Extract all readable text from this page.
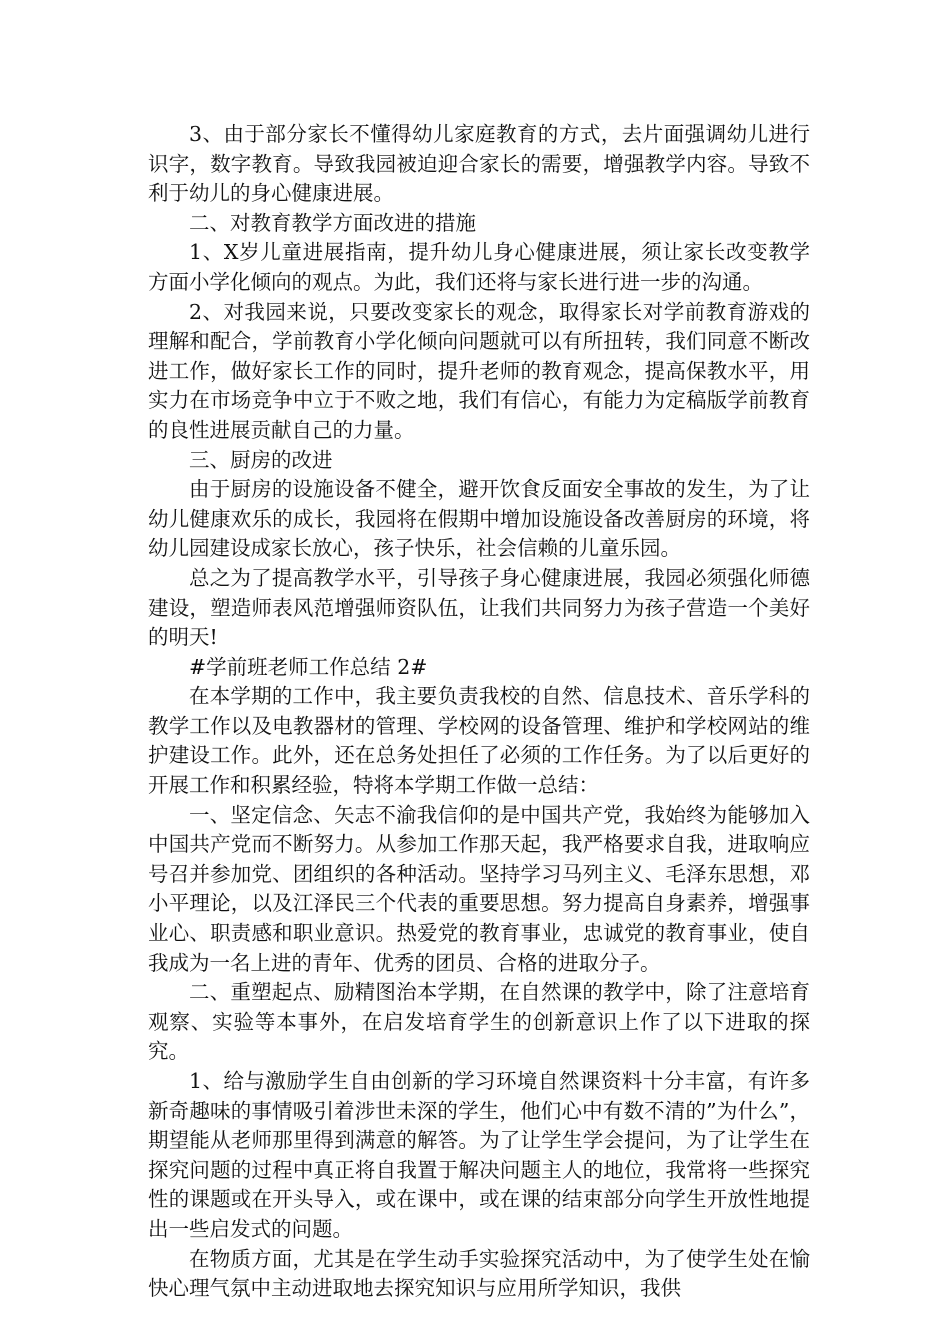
3、由于部分家长不懂得幼儿家庭教育的方式，去片面强调幼儿进行识字，数字教育。导致我园被迫迎合家长的需要，增强教学内容。导致不利于幼儿的身心健康进展。

二、对教育教学方面改进的措施

1、X岁儿童进展指南，提升幼儿身心健康进展，须让家长改变教学方面小学化倾向的观点。为此，我们还将与家长进行进一步的沟通。

2、对我园来说，只要改变家长的观念，取得家长对学前教育游戏的理解和配合，学前教育小学化倾向问题就可以有所扭转，我们同意不断改进工作，做好家长工作的同时，提升老师的教育观念，提高保教水平，用实力在市场竞争中立于不败之地，我们有信心，有能力为定稿版学前教育的良性进展贡献自己的力量。

三、厨房的改进

由于厨房的设施设备不健全，避开饮食反面安全事故的发生，为了让幼儿健康欢乐的成长，我园将在假期中增加设施设备改善厨房的环境，将幼儿园建设成家长放心，孩子快乐，社会信赖的儿童乐园。

总之为了提高教学水平，引导孩子身心健康进展，我园必须强化师德建设，塑造师表风范增强师资队伍，让我们共同努力为孩子营造一个美好的明天!

#学前班老师工作总结 2#

在本学期的工作中，我主要负责我校的自然、信息技术、音乐学科的教学工作以及电教器材的管理、学校网的设备管理、维护和学校网站的维护建设工作。此外，还在总务处担任了必须的工作任务。为了以后更好的开展工作和积累经验，特将本学期工作做一总结：

一、坚定信念、矢志不渝我信仰的是中国共产党，我始终为能够加入中国共产党而不断努力。从参加工作那天起，我严格要求自我，进取响应号召并参加党、团组织的各种活动。坚持学习马列主义、毛泽东思想，邓小平理论，以及江泽民三个代表的重要思想。努力提高自身素养，增强事业心、职责感和职业意识。热爱党的教育事业，忠诚党的教育事业，使自我成为一名上进的青年、优秀的团员、合格的进取分子。

二、重塑起点、励精图治本学期，在自然课的教学中，除了注意培育观察、实验等本事外，在启发培育学生的创新意识上作了以下进取的探究。

1、给与激励学生自由创新的学习环境自然课资料十分丰富，有许多新奇趣味的事情吸引着涉世未深的学生，他们心中有数不清的”为什么”，期望能从老师那里得到满意的解答。为了让学生学会提问，为了让学生在探究问题的过程中真正将自我置于解决问题主人的地位，我常将一些探究性的课题或在开头导入，或在课中，或在课的结束部分向学生开放性地提出一些启发式的问题。

在物质方面，尤其是在学生动手实验探究活动中，为了使学生处在愉快心理气氛中主动进取地去探究知识与应用所学知识，我供
